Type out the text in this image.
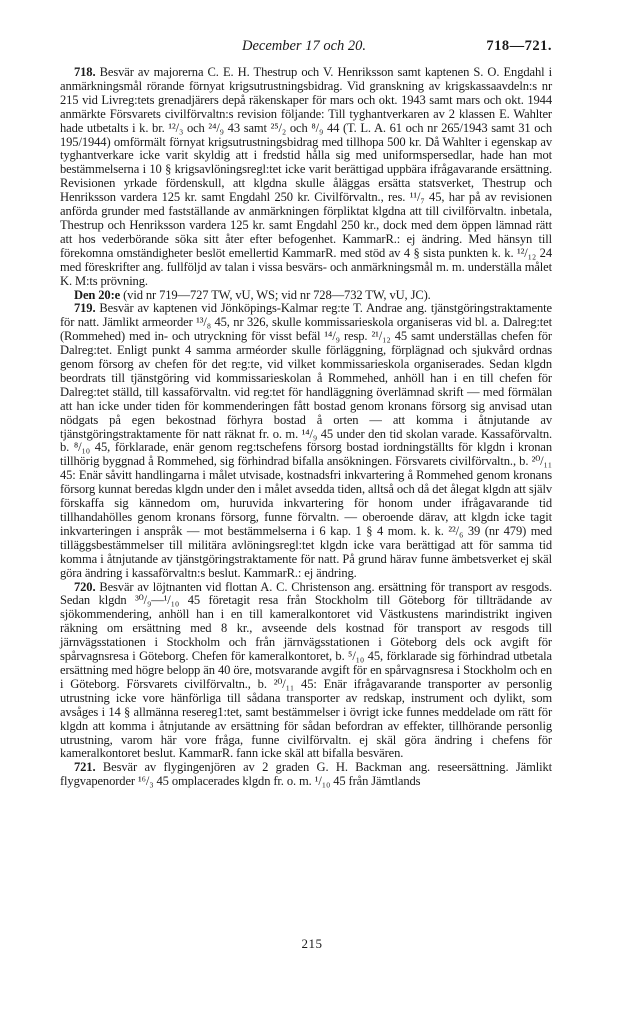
December 17 och 20.	718—721.

718. Besvär av majorerna C. E. H. Thestrup och V. Henriksson samt kaptenen S. O. Engdahl i anmärkningsmål rörande förnyat krigsutrustningsbidrag. Vid granskning av krigskassaavdeln:s nr 215 vid Livreg:tets grenadjärers depå räkenskaper för mars och okt. 1943 samt mars och okt. 1944 anmärkte Försvarets civilförvaltn:s revision följande: Till tyghantverkaren av 2 klassen E. Wahlter hade utbetalts i k. br. ¹²/₃ och ²⁴/₉ 43 samt ²⁵/₂ och ⁸/₉ 44 (T. L. A. 61 och nr 265/1943 samt 31 och 195/1944) omförmält förnyat krigsutrustningsbidrag med tillhopa 500 kr. Då Wahlter i egenskap av tyghantverkare icke varit skyldig att i fredstid hålla sig med uniformspersedlar, hade han mot bestämmelserna i 10 § krigsavlöningsregl:tet icke varit berättigad uppbära ifrågavarande ersättning. Revisionen yrkade fördenskull, att klgdna skulle åläggas ersätta statsverket, Thestrup och Henriksson vardera 125 kr. samt Engdahl 250 kr. Civilförvaltn., res. ¹¹/₇ 45, har på av revisionen anförda grunder med fastställande av anmärkningen förpliktat klgdna att till civilförvaltn. inbetala, Thestrup och Henriksson vardera 125 kr. samt Engdahl 250 kr., dock med dem öppen lämnad rätt att hos vederbörande söka sitt åter efter befogenhet. KammarR.: ej ändring. Med hänsyn till förekomna omständigheter beslöt emellertid KammarR. med stöd av 4 § sista punkten k. k. ¹²/₁₂ 24 med föreskrifter ang. fullföljd av talan i vissa besvärs- och anmärkningsmål m. m. underställa målet K. M:ts prövning.

Den 20:e (vid nr 719—727 TW, vU, WS; vid nr 728—732 TW, vU, JC).

719. Besvär av kaptenen vid Jönköpings-Kalmar reg:te T. Andrae ang. tjänstgöringstraktamente för natt. Jämlikt armeorder ¹³/₈ 45, nr 326, skulle kommissarieskola organiseras vid bl. a. Dalreg:tet (Rommehed) med in- och utryckning för visst befäl ¹⁴/₉ resp. ²¹/₁₂ 45 samt underställas chefen för Dalreg:tet. Enligt punkt 4 samma arméorder skulle förläggning, förplägnad och sjukvård ordnas genom försorg av chefen för det reg:te, vid vilket kommissarieskola organiserades. Sedan klgdn beordrats till tjänstgöring vid kommissarieskolan å Rommehed, anhöll han i en till chefen för Dalreg:tet ställd, till kassaförvaltn. vid reg:tet för handläggning överlämnad skrift — med förmälan att han icke under tiden för kommenderingen fått bostad genom kronans försorg sig anvisad utan nödgats på egen bekostnad förhyra bostad å orten — att komma i åtnjutande av tjänstgöringstraktamente för natt räknat fr. o. m. ¹⁴/₉ 45 under den tid skolan varade. Kassaförvaltn. b. ⁸/₁₀ 45, förklarade, enär genom reg:tschefens försorg bostad iordningställts för klgdn i kronan tillhörig byggnad å Rommehed, sig förhindrad bifalla ansökningen. Försvarets civilförvaltn., b. ²⁰/₁₁ 45: Enär såvitt handlingarna i målet utvisade, kostnadsfri inkvartering å Rommehed genom kronans försorg kunnat beredas klgdn under den i målet avsedda tiden, alltså och då det ålegat klgdn att själv förskaffa sig kännedom om, huruvida inkvartering för honom under ifrågavarande tid tillhandahölles genom kronans försorg, funne förvaltn. — oberoende därav, att klgdn icke tagit inkvarteringen i anspråk — mot bestämmelserna i 6 kap. 1 § 4 mom. k. k. ²²/₆ 39 (nr 479) med tilläggsbestämmelser till militära avlöningsregl:tet klgdn icke vara berättigad att för samma tid komma i åtnjutande av tjänstgöringstraktamente för natt. På grund härav funne ämbetsverket ej skäl göra ändring i kassaförvaltn:s beslut. KammarR.: ej ändring.

720. Besvär av löjtnanten vid flottan A. C. Christenson ang. ersättning för transport av resgods. Sedan klgdn ³⁰/₉—¹/₁₀ 45 företagit resa från Stockholm till Göteborg för tillträdande av sjökommendering, anhöll han i en till kameralkontoret vid Västkustens marindistrikt ingiven räkning om ersättning med 8 kr., avseende dels kostnad för transport av resgods till järnvägsstationen i Stockholm och från järnvägsstationen i Göteborg dels ock avgift för spårvagnsresa i Göteborg. Chefen för kameralkontoret, b. ⁵/₁₀ 45, förklarade sig förhindrad utbetala ersättning med högre belopp än 40 öre, motsvarande avgift för en spårvagnsresa i Stockholm och en i Göteborg. Försvarets civilförvaltn., b. ²⁰/₁₁ 45: Enär ifrågavarande transporter av personlig utrustning icke vore hänförliga till sådana transporter av redskap, instrument och dylikt, som avsåges i 14 § allmänna resereg1:tet, samt bestämmelser i övrigt icke funnes meddelade om rätt för klgdn att komma i åtnjutande av ersättning för sådan befordran av effekter, tillhörande personlig utrustning, varom här vore fråga, funne civilförvaltn. ej skäl göra ändring i chefens för kameralkontoret beslut. KammarR. fann icke skäl att bifalla besvären.

721. Besvär av flygingenjören av 2 graden G. H. Backman ang. reseersättning. Jämlikt flygvapenorder ¹⁶/₃ 45 omplacerades klgdn fr. o. m. ¹/₁₀ 45 från Jämtlands

215
